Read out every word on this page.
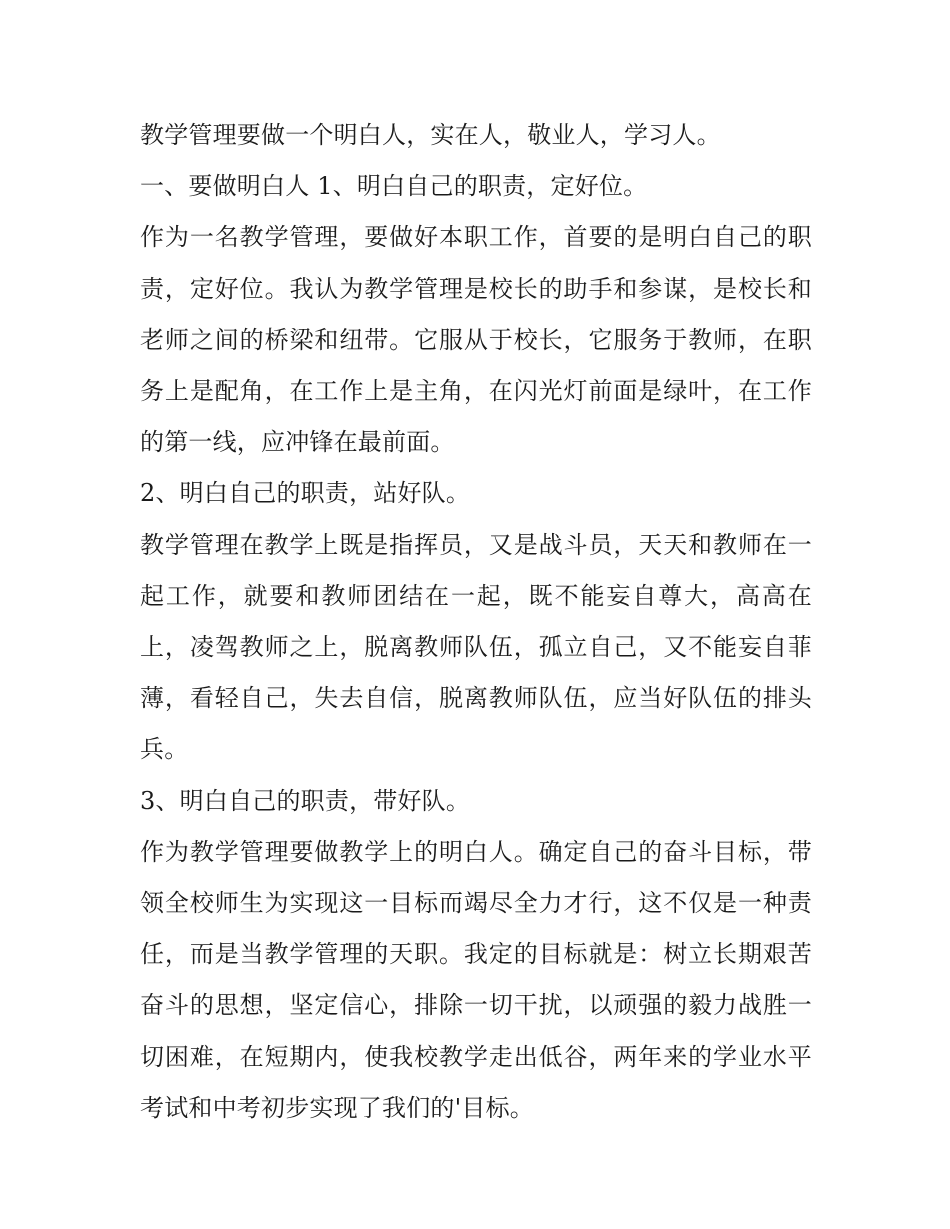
教学管理要做一个明白人，实在人，敬业人，学习人。

一、要做明白人 1、明白自己的职责，定好位。

作为一名教学管理，要做好本职工作，首要的是明白自己的职责，定好位。我认为教学管理是校长的助手和参谋，是校长和老师之间的桥梁和纽带。它服从于校长，它服务于教师，在职务上是配角，在工作上是主角，在闪光灯前面是绿叶，在工作的第一线，应冲锋在最前面。

2、明白自己的职责，站好队。

教学管理在教学上既是指挥员，又是战斗员，天天和教师在一起工作，就要和教师团结在一起，既不能妄自尊大，高高在上，凌驾教师之上，脱离教师队伍，孤立自己，又不能妄自菲薄，看轻自己，失去自信，脱离教师队伍，应当好队伍的排头兵。

3、明白自己的职责，带好队。

作为教学管理要做教学上的明白人。确定自己的奋斗目标，带领全校师生为实现这一目标而竭尽全力才行，这不仅是一种责任，而是当教学管理的天职。我定的目标就是：树立长期艰苦奋斗的思想，坚定信心，排除一切干扰，以顽强的毅力战胜一切困难，在短期内，使我校教学走出低谷，两年来的学业水平考试和中考初步实现了我们的'目标。
